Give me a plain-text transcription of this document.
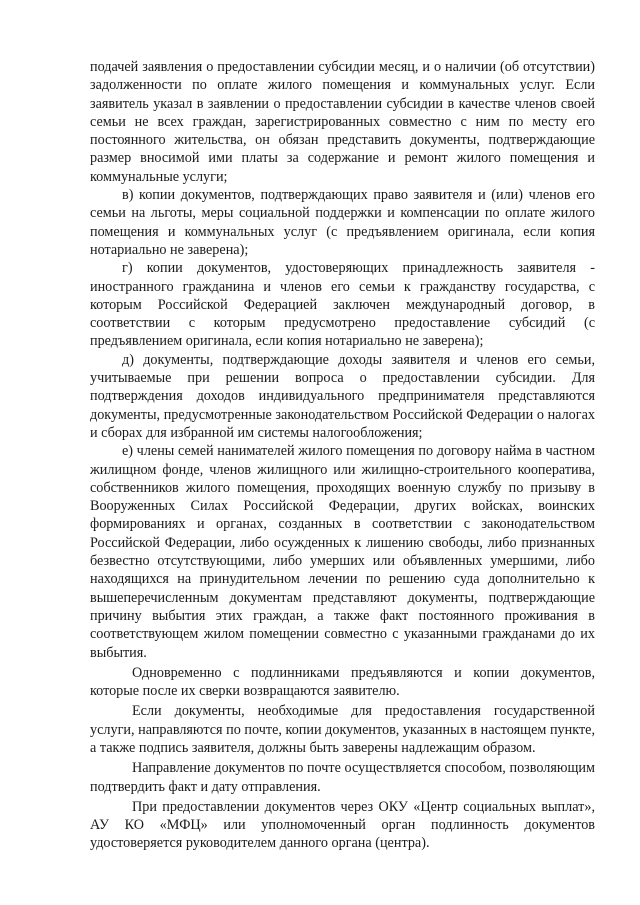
подачей заявления о предоставлении субсидии месяц, и о наличии (об отсутствии) задолженности по оплате жилого помещения и коммунальных услуг. Если заявитель указал в заявлении о предоставлении субсидии в качестве членов своей семьи не всех граждан, зарегистрированных совместно с ним по месту его постоянного жительства, он обязан представить документы, подтверждающие размер вносимой ими платы за содержание и ремонт жилого помещения и коммунальные услуги;

в) копии документов, подтверждающих право заявителя и (или) членов его семьи на льготы, меры социальной поддержки и компенсации по оплате жилого помещения и коммунальных услуг (с предъявлением оригинала, если копия нотариально не заверена);

г) копии документов, удостоверяющих принадлежность заявителя - иностранного гражданина и членов его семьи к гражданству государства, с которым Российской Федерацией заключен международный договор, в соответствии с которым предусмотрено предоставление субсидий (с предъявлением оригинала, если копия нотариально не заверена);

д) документы, подтверждающие доходы заявителя и членов его семьи, учитываемые при решении вопроса о предоставлении субсидии. Для подтверждения доходов индивидуального предпринимателя представляются документы, предусмотренные законодательством Российской Федерации о налогах и сборах для избранной им системы налогообложения;

е) члены семей нанимателей жилого помещения по договору найма в частном жилищном фонде, членов жилищного или жилищно-строительного кооператива, собственников жилого помещения, проходящих военную службу по призыву в Вооруженных Силах Российской Федерации, других войсках, воинских формированиях и органах, созданных в соответствии с законодательством Российской Федерации, либо осужденных к лишению свободы, либо признанных безвестно отсутствующими, либо умерших или объявленных умершими, либо находящихся на принудительном лечении по решению суда дополнительно к вышеперечисленным документам представляют документы, подтверждающие причину выбытия этих граждан, а также факт постоянного проживания в соответствующем жилом помещении совместно с указанными гражданами до их выбытия.

Одновременно с подлинниками предъявляются и копии документов, которые после их сверки возвращаются заявителю.

Если документы, необходимые для предоставления государственной услуги, направляются по почте, копии документов, указанных в настоящем пункте, а также подпись заявителя, должны быть заверены надлежащим образом.

Направление документов по почте осуществляется способом, позволяющим подтвердить факт и дату отправления.

При предоставлении документов через ОКУ «Центр социальных выплат», АУ КО «МФЦ» или уполномоченный орган подлинность документов удостоверяется руководителем данного органа (центра).
